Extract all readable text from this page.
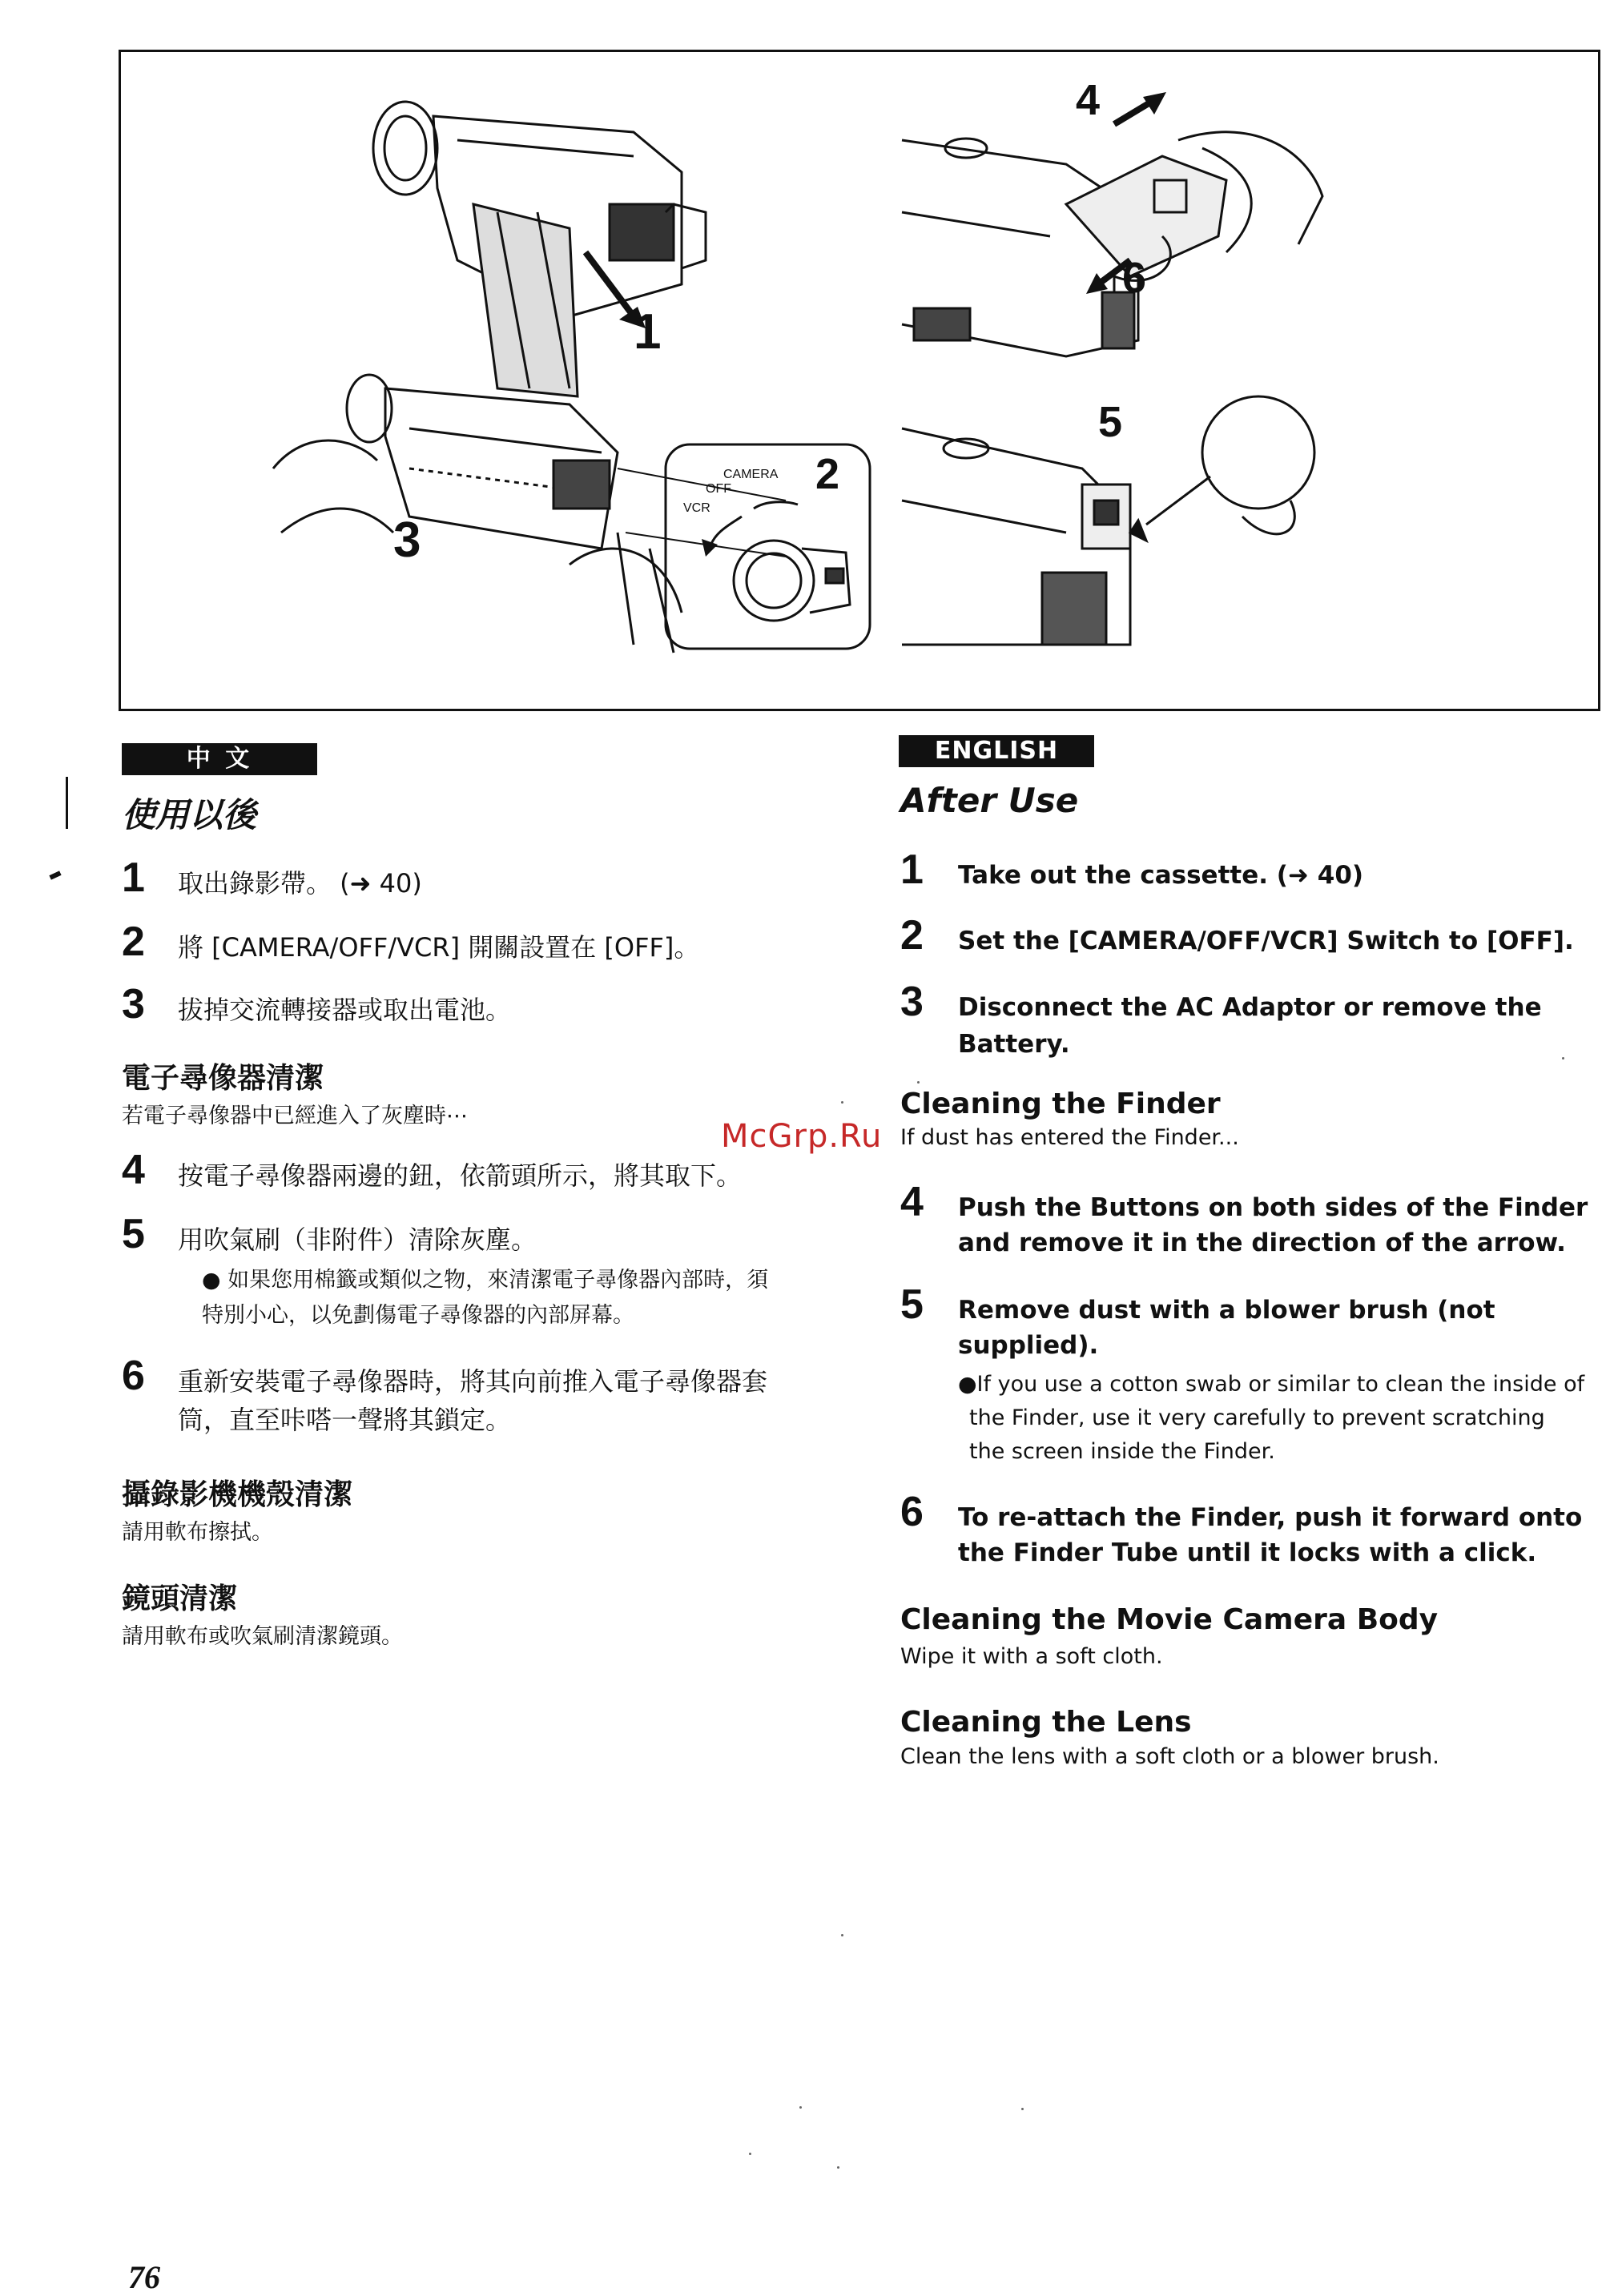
1
2
3
4
5
6
CAMERA
OFF
VCR
中 文
使用以後
1 取出錄影帶。 (➜ 40)
2 將 [CAMERA/OFF/VCR] 開關設置在 [OFF]。
3 拔掉交流轉接器或取出電池。
電子尋像器清潔

若電子尋像器中已經進入了灰塵時⋯

4 按電子尋像器兩邊的鈕，依箭頭所示，將其取下。
5 用吹氣刷（非附件）清除灰塵。
● 如果您用棉籤或類似之物，來清潔電子尋像器內部時，須
特別小心，以免劃傷電子尋像器的內部屏幕。
6 重新安裝電子尋像器時，將其向前推入電子尋像器套
筒，直至咔嗒一聲將其鎖定。
攝錄影機機殼清潔

請用軟布擦拭。

鏡頭清潔

請用軟布或吹氣刷清潔鏡頭。

ENGLISH
After Use
1 Take out the cassette. (➜ 40)
2 Set the [CAMERA/OFF/VCR] Switch to [OFF].
3 Disconnect the AC Adaptor or remove the
Battery.
Cleaning the Finder

If dust has entered the Finder...

4 Push the Buttons on both sides of the Finder
and remove it in the direction of the arrow.
5 Remove dust with a blower brush (not
supplied).
●If you use a cotton swab or similar to clean the inside of
the Finder, use it very carefully to prevent scratching
the screen inside the Finder.
6 To re-attach the Finder, push it forward onto
the Finder Tube until it locks with a click.
Cleaning the Movie Camera Body

Wipe it with a soft cloth.

Cleaning the Lens

Clean the lens with a soft cloth or a blower brush.

McGrp.Ru
76
